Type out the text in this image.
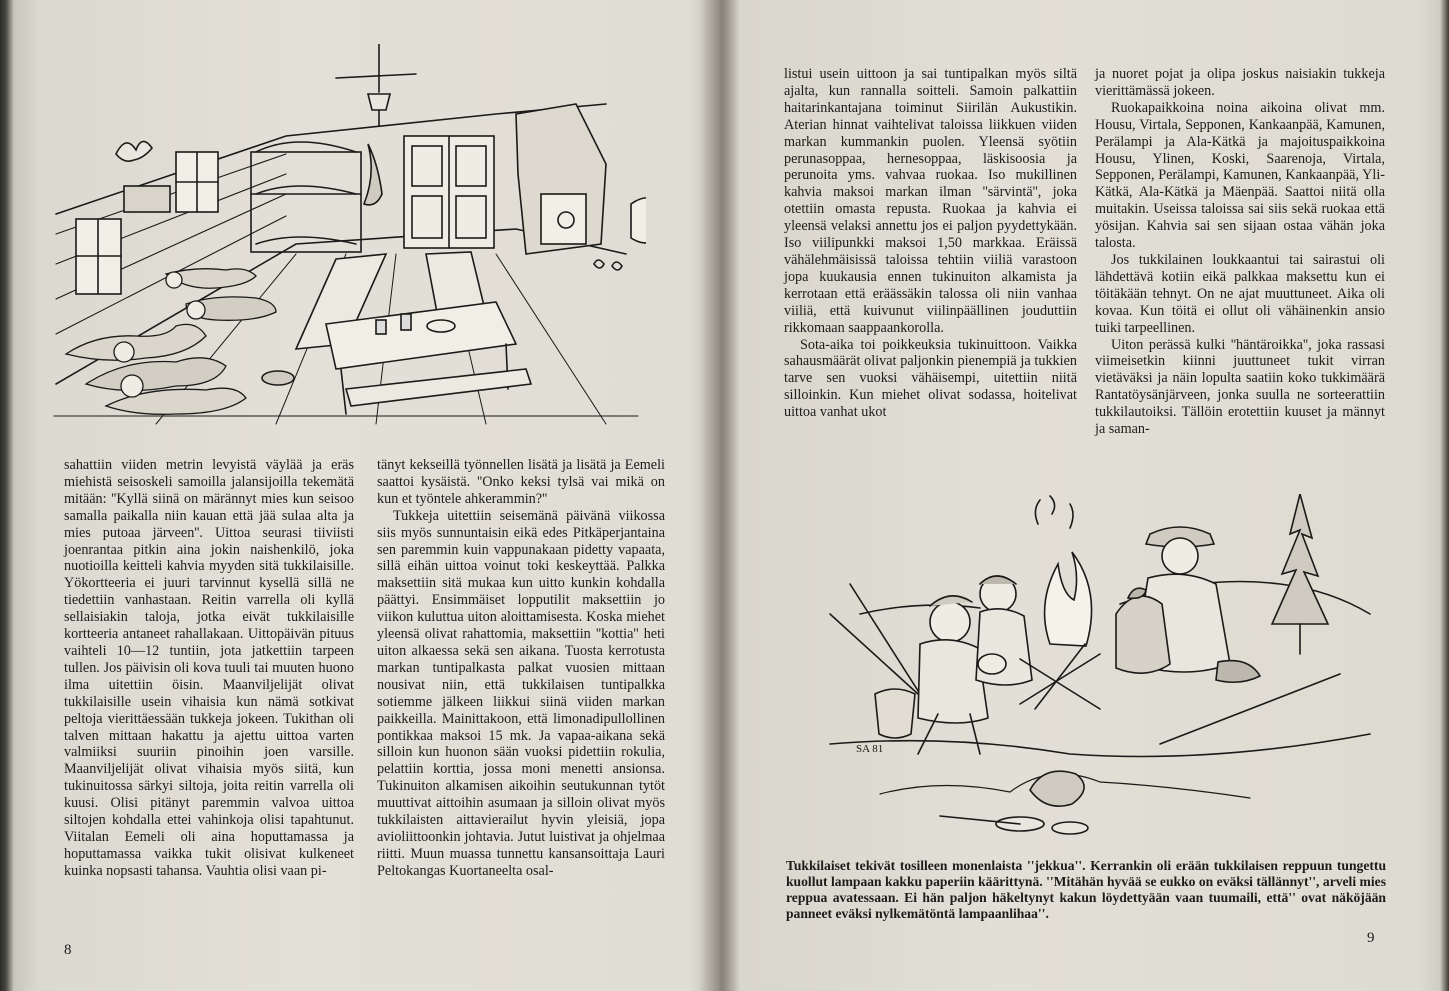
sahattiin viiden metrin levyistä väylää ja eräs miehistä seisoskeli samoilla jalansijoilla tekemätä mitään: ''Kyllä siinä on märännyt mies kun seisoo samalla paikalla niin kauan että jää sulaa alta ja mies putoaa järveen''. Uittoa seurasi tiiviisti joenrantaa pitkin aina jokin naishenkilö, joka nuotioilla keitteli kahvia myyden sitä tukkilaisille. Yökortteeria ei juuri tarvinnut kysellä sillä ne tiedettiin vanhastaan. Reitin varrella oli kyllä sellaisiakin taloja, jotka eivät tukkilaisille kortteeria antaneet rahallakaan. Uittopäivän pituus vaihteli 10—12 tuntiin, jota jatkettiin tarpeen tullen. Jos päivisin oli kova tuuli tai muuten huono ilma uitettiin öisin. Maanviljelijät olivat tukkilaisille usein vihaisia kun nämä sotkivat peltoja vierittäessään tukkeja jokeen. Tukithan oli talven mittaan hakattu ja ajettu uittoa varten valmiiksi suuriin pinoihin joen varsille. Maanviljelijät olivat vihaisia myös siitä, kun tukinuitossa särkyi siltoja, joita reitin varrella oli kuusi. Olisi pitänyt paremmin valvoa uittoa siltojen kohdalla ettei vahinkoja olisi tapahtunut. Viitalan Eemeli oli aina hoputtamassa ja hoputtamassa vaikka tukit olisivat kulkeneet kuinka nopsasti tahansa. Vauhtia olisi vaan pi-

tänyt kekseillä työnnellen lisätä ja lisätä ja Eemeli saattoi kysäistä. ''Onko keksi tylsä vai mikä on kun et työntele ahkerammin?''

Tukkeja uitettiin seisemänä päivänä viikossa siis myös sunnuntaisin eikä edes Pitkäperjantaina sen paremmin kuin vappunakaan pidetty vapaata, sillä eihän uittoa voinut toki keskeyttää. Palkka maksettiin sitä mukaa kun uitto kunkin kohdalla päättyi. Ensimmäiset lopputilit maksettiin jo viikon kuluttua uiton aloittamisesta. Koska miehet yleensä olivat rahattomia, maksettiin ''kottia'' heti uiton alkaessa sekä sen aikana. Tuosta kerrotusta markan tuntipalkasta palkat vuosien mittaan nousivat niin, että tukkilaisen tuntipalkka sotiemme jälkeen liikkui siinä viiden markan paikkeilla. Mainittakoon, että limonadipullollinen pontikkaa maksoi 15 mk. Ja vapaa-aikana sekä silloin kun huonon sään vuoksi pidettiin rokulia, pelattiin korttia, jossa moni menetti ansionsa. Tukinuiton alkamisen aikoihin seutukunnan tytöt muuttivat aittoihin asumaan ja silloin olivat myös tukkilaisten aittavierailut hyvin yleisiä, jopa avioliittoonkin johtavia. Jutut luistivat ja ohjelmaa riitti. Muun muassa tunnettu kansansoittaja Lauri Peltokangas Kuortaneelta osal-

8

listui usein uittoon ja sai tuntipalkan myös siltä ajalta, kun rannalla soitteli. Samoin palkattiin haitarinkantajana toiminut Siirilän Aukustikin. Aterian hinnat vaihtelivat taloissa liikkuen viiden markan kummankin puolen. Yleensä syötiin perunasoppaa, hernesoppaa, läskisoosia ja perunoita yms. vahvaa ruokaa. Iso mukillinen kahvia maksoi markan ilman ''särvintä'', joka otettiin omasta repusta. Ruokaa ja kahvia ei yleensä velaksi annettu jos ei paljon pyydettykään. Iso viilipunkki maksoi 1,50 markkaa. Eräissä vähälehmäisissä taloissa tehtiin viiliä varastoon jopa kuukausia ennen tukinuiton alkamista ja kerrotaan että eräässäkin talossa oli niin vanhaa viiliä, että kuivunut viilinpäällinen jouduttiin rikkomaan saappaankorolla.

Sota-aika toi poikkeuksia tukinuittoon. Vaikka sahausmäärät olivat paljonkin pienempiä ja tukkien tarve sen vuoksi vähäisempi, uitettiin niitä silloinkin. Kun miehet olivat sodassa, hoitelivat uittoa vanhat ukot

ja nuoret pojat ja olipa joskus naisiakin tukkeja vierittämässä jokeen.

Ruokapaikkoina noina aikoina olivat mm. Housu, Virtala, Sepponen, Kankaanpää, Kamunen, Perälampi ja Ala-Kätkä ja majoituspaikkoina Housu, Ylinen, Koski, Saarenoja, Virtala, Sepponen, Perälampi, Kamunen, Kankaanpää, Yli-Kätkä, Ala-Kätkä ja Mäenpää. Saattoi niitä olla muitakin. Useissa taloissa sai siis sekä ruokaa että yösijan. Kahvia sai sen sijaan ostaa vähän joka talosta.

Jos tukkilainen loukkaantui tai sairastui oli lähdettävä kotiin eikä palkkaa maksettu kun ei töitäkään tehnyt. On ne ajat muuttuneet. Aika oli kovaa. Kun töitä ei ollut oli vähäinenkin ansio tuiki tarpeellinen.

Uiton perässä kulki ''häntäroikka'', joka rassasi viimeisetkin kiinni juuttuneet tukit virran vietäväksi ja näin lopulta saatiin koko tukkimäärä Rantatöysänjärveen, jonka suulla ne sorteerattiin tukkilautoiksi. Tällöin erotettiin kuuset ja männyt ja saman-

SA 81

Tukkilaiset tekivät tosilleen monenlaista ''jekkua''. Kerrankin oli erään tukkilaisen reppuun tungettu kuollut lampaan kakku paperiin käärittynä. ''Mitähän hyvää se eukko on eväksi tällännyt'', arveli mies reppua avatessaan. Ei hän paljon häkeltynyt kakun löydettyään vaan tuumaili, että'' ovat näköjään panneet eväksi nylkemätöntä lampaanlihaa''.

9
